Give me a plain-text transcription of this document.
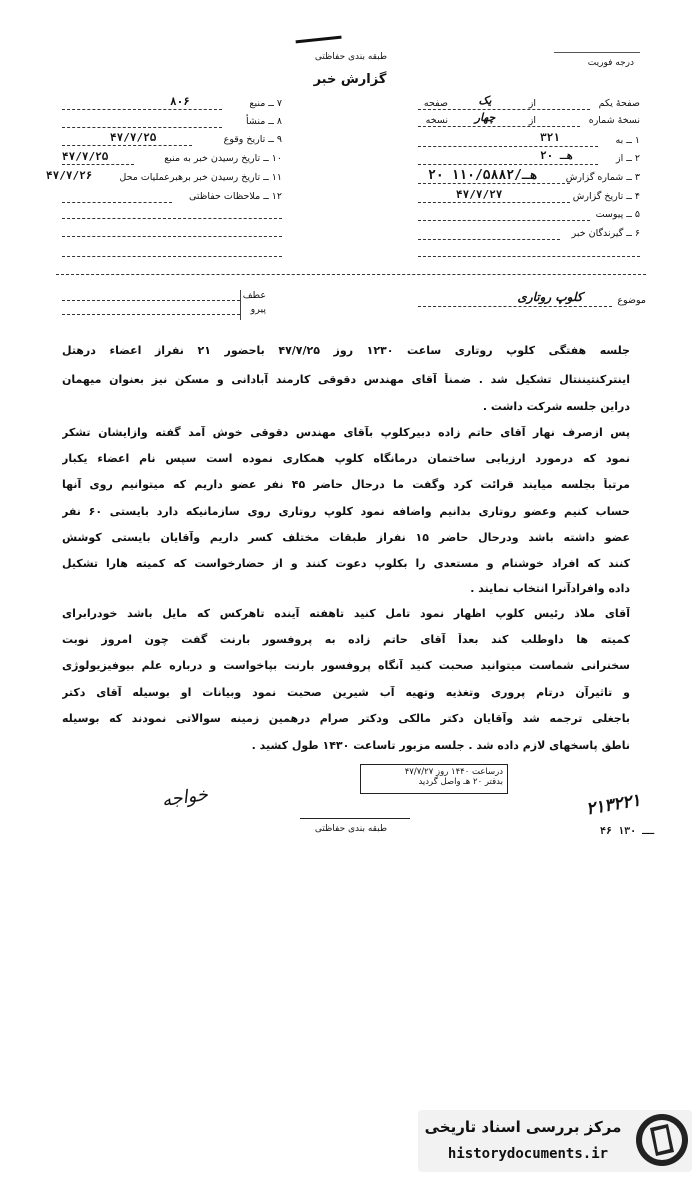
طبقه بندی حفاظتی
گزارش خبر
درجه فوریت
۷ ــ منبع
۸۰۶
۸ ــ منشأ
۹ ــ تاریخ وقوع
۴۷/۷/۲۵
۱۰ ــ تاریخ رسیدن خبر به منبع
۴۷/۷/۲۵
۱۱ ــ تاریخ رسیدن خبر برهبرعملیات محل
۴۷/۷/۲۶
۱۲ ــ ملاحظات حفاظتی
صفحهٔ یکم
از
یک
صفحه
نسخهٔ شماره
از
چهار
نسخه
۱ ــ به
۳۲۱
۲ ــ از
۲۰ هـ
۳ ــ شماره گزارش
۲۰ هـ/۱۱۰/۵۸۸۲
۴ ــ تاریخ گزارش
۴۷/۷/۲۷
۵ ــ پیوست
۶ ــ گیرندگان خبر
موضوع
کلوپ روتاری
عطف
پیرو
جلسه هفتگی کلوپ روتاری ساعت ۱۲۳۰ روز ۴۷/۷/۲۵ باحضور ۲۱ نفراز اعضاء درهتل
اینترکنتیننتال تشکیل شد . ضمناً آقای مهندس دقوقی کارمند آبادانی و مسکن نیز بعنوان میهمان
دراین جلسه شرکت داشت .
پس ازصرف نهار آقای حاتم زاده دبیرکلوپ بآقای مهندس دقوقی خوش آمد گفته وازایشان تشکر
نمود که درمورد ارزیابی ساختمان درمانگاه کلوپ همکاری نموده است سپس نام اعضاء یکبار
مرتباً بجلسه میایند قرائت کرد وگفت ما درحال حاضر ۴۵ نفر عضو داریم که میتوانیم روی آنها
حساب کنیم وعضو روتاری بدانیم واضافه نمود کلوپ روتاری روی سازمانیکه دارد بایستی ۶۰ نفر
عضو داشته باشد ودرحال حاضر ۱۵ نفراز طبقات مختلف کسر داریم وآقایان بایستی کوشش
کنند که افراد خوشنام و مستعدی را بکلوپ دعوت کنند و از حضارخواست که کمیته هارا تشکیل
داده وافرادآنرا انتخاب نمایند .
آقای ملاذ رئیس کلوپ اظهار نمود تامل کنید تاهفته آینده تاهرکس که مایل باشد خودرابرای
کمیته ها داوطلب کند بعداً آقای حاتم زاده به پروفسور بارنت گفت چون امروز نوبت
سخنرانی شماست میتوانید صحبت کنید آنگاه پروفسور بارنت بپاخواست و درباره علم بیوفیزیولوژی
و تاثیرآن درتام پروری وتغذیه وتهیه آب شیرین صحبت نمود وبیانات او بوسیله آقای دکتر
باجغلی ترجمه شد وآقایان دکتر مالکی ودکتر صرام درهمین زمینه سوالاتی نمودند که بوسیله
ناطق پاسخهای لازم داده شد . جلسه مزبور تاساعت ۱۴۳۰ طول کشید .
درساعت ۱۴۴۰ روز ۴۷/۷/۲۷
بدفتر ۲۰ هـ واصل گردید
خواجه	۲۱۳۲۲۱
۴۶ ــ ۱۳۰
طبقه بندی حفاظتی
مرکز بررسی اسناد تاریخی
historydocuments.ir
